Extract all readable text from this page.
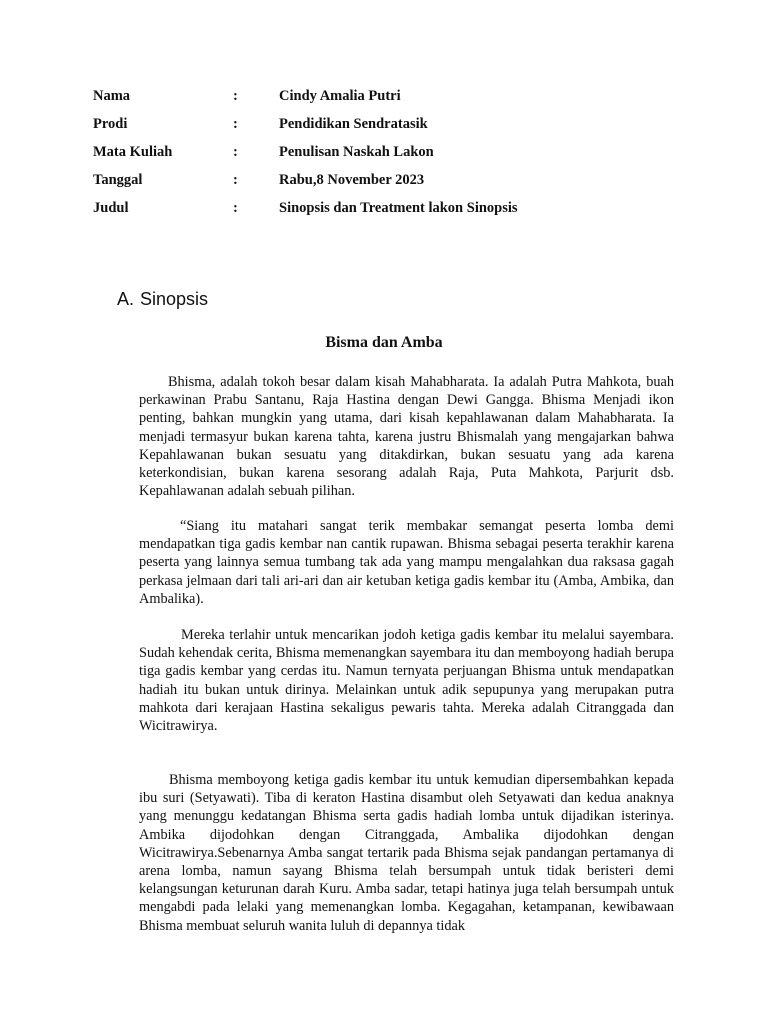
Nama	:	Cindy Amalia Putri
Prodi	:	Pendidikan Sendratasik
Mata Kuliah	:	Penulisan Naskah Lakon
Tanggal	:	Rabu,8 November 2023
Judul	:	Sinopsis dan Treatment lakon Sinopsis
A. Sinopsis
Bisma dan Amba

Bhisma, adalah tokoh besar dalam kisah Mahabharata. Ia adalah Putra Mahkota, buah perkawinan Prabu Santanu, Raja Hastina dengan Dewi Gangga. Bhisma Menjadi ikon penting, bahkan mungkin yang utama, dari kisah kepahlawanan dalam Mahabharata. Ia menjadi termasyur bukan karena tahta, karena justru Bhismalah yang mengajarkan bahwa Kepahlawanan bukan sesuatu yang ditakdirkan, bukan sesuatu yang ada karena keterkondisian, bukan karena sesorang adalah Raja, Puta Mahkota, Parjurit dsb. Kepahlawanan adalah sebuah pilihan.

“Siang itu matahari sangat terik membakar semangat peserta lomba demi mendapatkan tiga gadis kembar nan cantik rupawan. Bhisma sebagai peserta terakhir karena peserta yang lainnya semua tumbang tak ada yang mampu mengalahkan dua raksasa gagah perkasa jelmaan dari tali ari-ari dan air ketuban ketiga gadis kembar itu (Amba, Ambika, dan Ambalika).

Mereka terlahir untuk mencarikan jodoh ketiga gadis kembar itu melalui sayembara. Sudah kehendak cerita, Bhisma memenangkan sayembara itu dan memboyong hadiah berupa tiga gadis kembar yang cerdas itu. Namun ternyata perjuangan Bhisma untuk mendapatkan hadiah itu bukan untuk dirinya. Melainkan untuk adik sepupunya yang merupakan putra mahkota dari kerajaan Hastina sekaligus pewaris tahta. Mereka adalah Citranggada dan Wicitrawirya.

Bhisma memboyong ketiga gadis kembar itu untuk kemudian dipersembahkan kepada ibu suri (Setyawati). Tiba di keraton Hastina disambut oleh Setyawati dan kedua anaknya yang menunggu kedatangan Bhisma serta gadis hadiah lomba untuk dijadikan isterinya. Ambika dijodohkan dengan Citranggada, Ambalika dijodohkan dengan Wicitrawirya.Sebenarnya Amba sangat tertarik pada Bhisma sejak pandangan pertamanya di arena lomba, namun sayang Bhisma telah bersumpah untuk tidak beristeri demi kelangsungan keturunan darah Kuru. Amba sadar, tetapi hatinya juga telah bersumpah untuk mengabdi pada lelaki yang memenangkan lomba. Kegagahan, ketampanan, kewibawaan Bhisma membuat seluruh wanita luluh di depannya tidak
